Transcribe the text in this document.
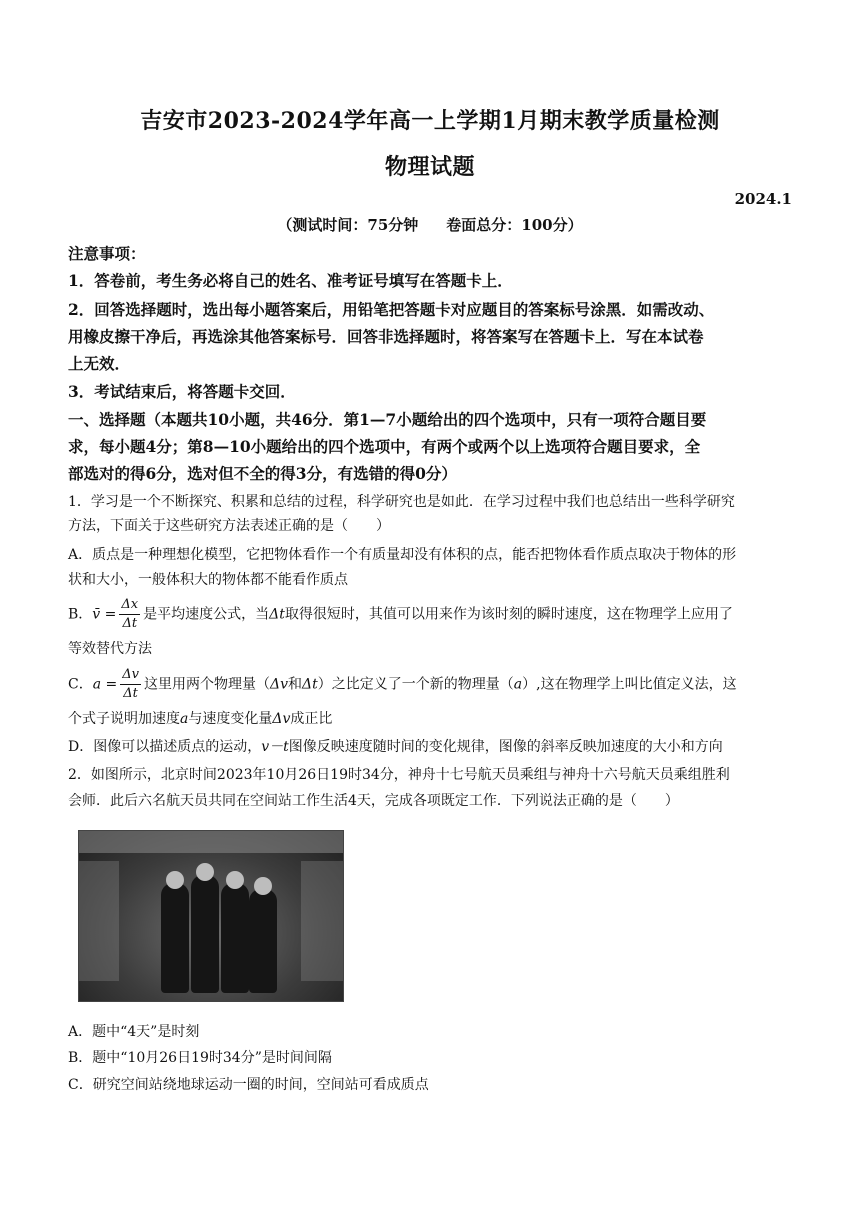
吉安市2023-2024学年高一上学期1月期末教学质量检测
物理试题
2024.1
（测试时间：75分钟 卷面总分：100分）
注意事项：
1．答卷前，考生务必将自己的姓名、准考证号填写在答题卡上．
2．回答选择题时，选出每小题答案后，用铅笔把答题卡对应题目的答案标号涂黑．如需改动、
用橡皮擦干净后，再选涂其他答案标号．回答非选择题时，将答案写在答题卡上．写在本试卷
上无效．
3．考试结束后，将答题卡交回．
一、选择题（本题共10小题，共46分．第1—7小题给出的四个选项中，只有一项符合题目要
求，每小题4分；第8—10小题给出的四个选项中，有两个或两个以上选项符合题目要求，全
部选对的得6分，选对但不全的得3分，有选错的得0分）
1．学习是一个不断探究、积累和总结的过程，科学研究也是如此．在学习过程中我们也总结出一些科学研究
方法，下面关于这些研究方法表述正确的是（　　）
A．质点是一种理想化模型，它把物体看作一个有质量却没有体积的点，能否把物体看作质点取决于物体的形
状和大小，一般体积大的物体都不能看作质点
B．v̄ = $\frac{\Delta x}{\Delta t}$ 是平均速度公式，当Δt取得很短时，其值可以用来作为该时刻的瞬时速度，这在物理学上应用了
等效替代方法
C．$a = \frac{\Delta v}{\Delta t}$ 这里用两个物理量（Δv和Δt）之比定义了一个新的物理量（a）,这在物理学上叫比值定义法，这
个式子说明加速度a与速度变化量Δv成正比
D．图像可以描述质点的运动，v－t图像反映速度随时间的变化规律，图像的斜率反映加速度的大小和方向
2．如图所示，北京时间2023年10月26日19时34分，神舟十七号航天员乘组与神舟十六号航天员乘组胜利
会师．此后六名航天员共同在空间站工作生活4天，完成各项既定工作．下列说法正确的是（　　）
A．题中“4天”是时刻
B．题中“10月26日19时34分”是时间间隔
C．研究空间站绕地球运动一圈的时间，空间站可看成质点
